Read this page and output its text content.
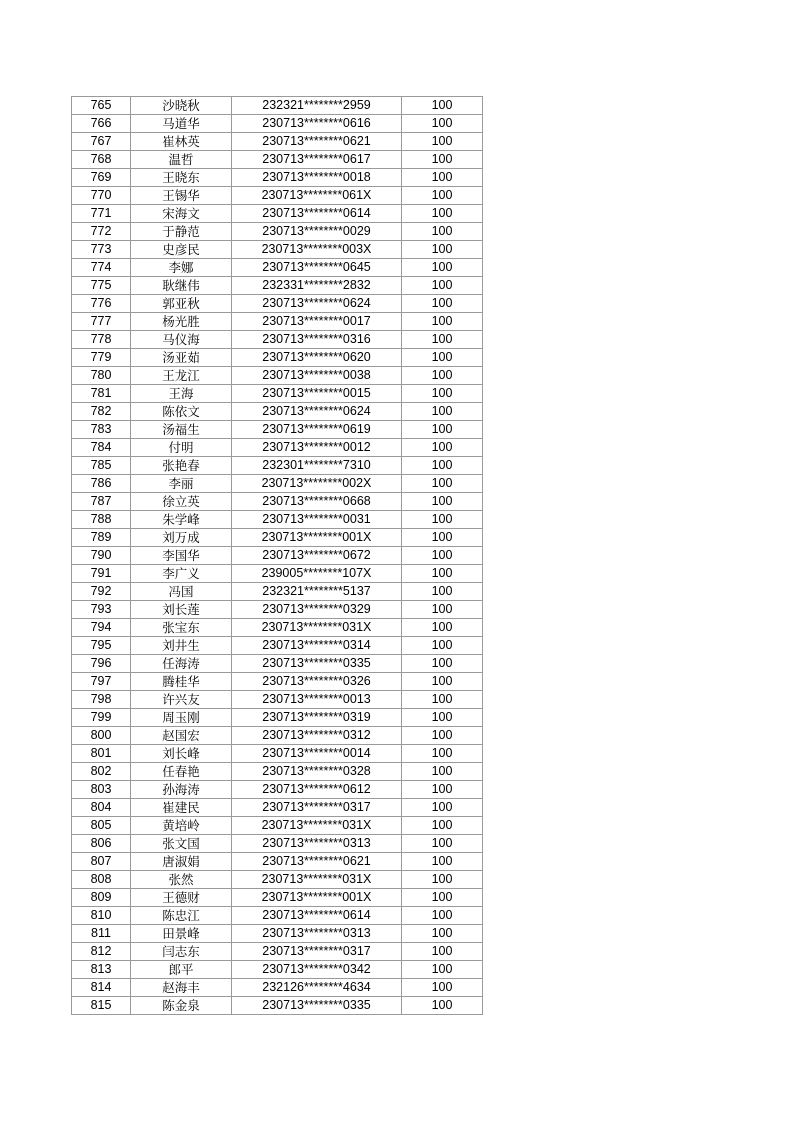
765	沙晓秋	232321********2959	100
766	马道华	230713********0616	100
767	崔林英	230713********0621	100
768	温哲	230713********0617	100
769	王晓东	230713********0018	100
770	王锡华	230713********061X	100
771	宋海文	230713********0614	100
772	于静范	230713********0029	100
773	史彦民	230713********003X	100
774	李娜	230713********0645	100
775	耿继伟	232331********2832	100
776	郭亚秋	230713********0624	100
777	杨光胜	230713********0017	100
778	马仪海	230713********0316	100
779	汤亚茹	230713********0620	100
780	王龙江	230713********0038	100
781	王海	230713********0015	100
782	陈依文	230713********0624	100
783	汤福生	230713********0619	100
784	付明	230713********0012	100
785	张艳春	232301********7310	100
786	李丽	230713********002X	100
787	徐立英	230713********0668	100
788	朱学峰	230713********0031	100
789	刘万成	230713********001X	100
790	李国华	230713********0672	100
791	李广义	239005********107X	100
792	冯国	232321********5137	100
793	刘长莲	230713********0329	100
794	张宝东	230713********031X	100
795	刘井生	230713********0314	100
796	任海涛	230713********0335	100
797	腾桂华	230713********0326	100
798	许兴友	230713********0013	100
799	周玉刚	230713********0319	100
800	赵国宏	230713********0312	100
801	刘长峰	230713********0014	100
802	任春艳	230713********0328	100
803	孙海涛	230713********0612	100
804	崔建民	230713********0317	100
805	黄培岭	230713********031X	100
806	张文国	230713********0313	100
807	唐淑娟	230713********0621	100
808	张然	230713********031X	100
809	王德财	230713********001X	100
810	陈忠江	230713********0614	100
811	田景峰	230713********0313	100
812	闫志东	230713********0317	100
813	郎平	230713********0342	100
814	赵海丰	232126********4634	100
815	陈金泉	230713********0335	100
